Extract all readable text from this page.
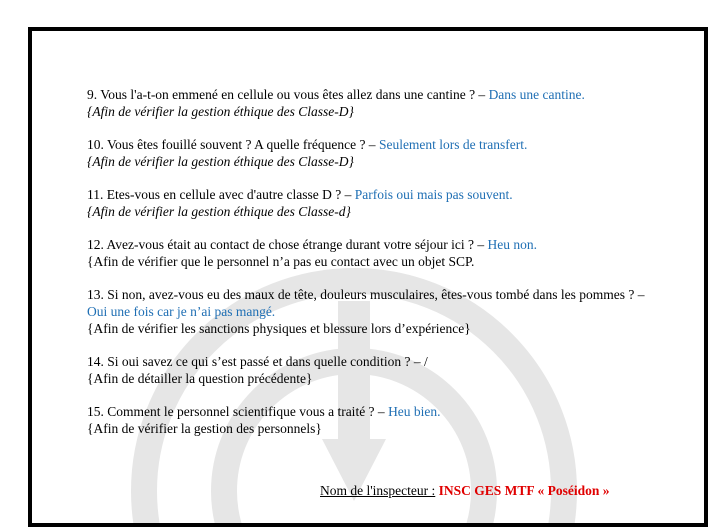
9. Vous l'a-t-on emmené en cellule ou vous êtes allez dans une cantine ? – Dans une cantine.
{Afin de vérifier la gestion éthique des Classe-D}
10. Vous êtes fouillé souvent ? A quelle fréquence ? – Seulement lors de transfert.
{Afin de vérifier la gestion éthique des Classe-D}
11. Etes-vous en cellule avec d'autre classe D ? – Parfois oui mais pas souvent.
{Afin de vérifier la gestion éthique des Classe-d}
12. Avez-vous était au contact de chose étrange durant votre séjour ici ? – Heu non.
{Afin de vérifier que le personnel n’a pas eu contact avec un objet SCP.
13. Si non, avez-vous eu des maux de tête, douleurs musculaires, êtes-vous tombé dans les pommes ? – Oui une fois car je n’ai pas mangé.
{Afin de vérifier les sanctions physiques et blessure lors d’expérience}
14. Si oui savez ce qui s’est passé et dans quelle condition ? – /
{Afin de détailler la question précédente}
15. Comment le personnel scientifique vous a traité ? – Heu bien.
{Afin de vérifier la gestion des personnels}
Nom de l'inspecteur : INSC GES MTF « Poséidon »
